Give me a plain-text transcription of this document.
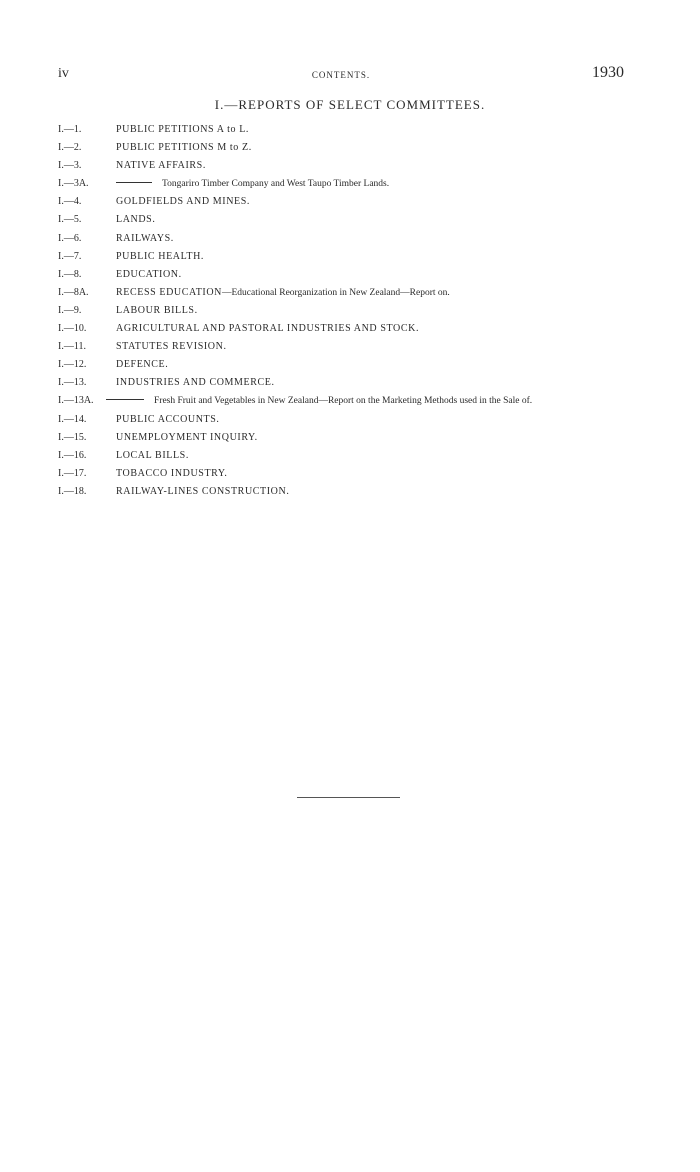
iv	CONTENTS.	1930
I.—REPORTS OF SELECT COMMITTEES.
I.—1.	PUBLIC PETITIONS A to L.
I.—2.	PUBLIC PETITIONS M to Z.
I.—3.	NATIVE AFFAIRS.
I.—3A.	Tongariro Timber Company and West Taupo Timber Lands.
I.—4.	GOLDFIELDS AND MINES.
I.—5.	LANDS.
I.—6.	RAILWAYS.
I.—7.	PUBLIC HEALTH.
I.—8.	EDUCATION.
I.—8A.	RECESS EDUCATION —Educational Reorganization in New Zealand—Report on.
I.—9.	LABOUR BILLS.
I.—10.	AGRICULTURAL AND PASTORAL INDUSTRIES AND STOCK.
I.—11.	STATUTES REVISION.
I.—12.	DEFENCE.
I.—13.	INDUSTRIES AND COMMERCE.
I.—13A.	Fresh Fruit and Vegetables in New Zealand—Report on the Marketing Methods used in the Sale of.
I.—14.	PUBLIC ACCOUNTS.
I.—15.	UNEMPLOYMENT INQUIRY.
I.—16.	LOCAL BILLS.
I.—17.	TOBACCO INDUSTRY.
I.—18.	RAILWAY-LINES CONSTRUCTION.
